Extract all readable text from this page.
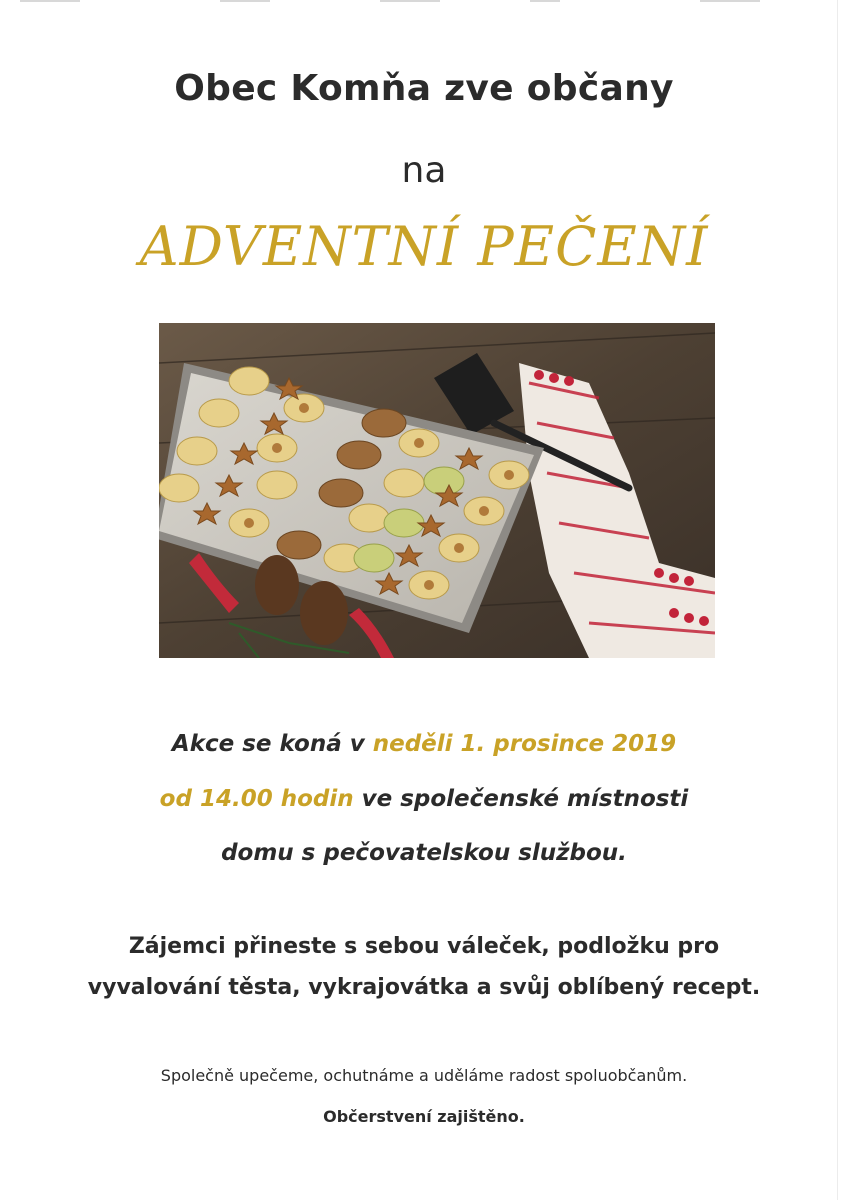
Obec Komňa zve občany
na
ADVENTNÍ PEČENÍ
Akce se koná v neděli 1. prosince 2019
od 14.00 hodin ve společenské místnosti
domu s pečovatelskou službou.
Zájemci přineste s sebou váleček, podložku pro
vyvalování těsta, vykrajovátka a svůj oblíbený recept.
Společně upečeme, ochutnáme a uděláme radost spoluobčanům.
Občerstvení zajištěno.
